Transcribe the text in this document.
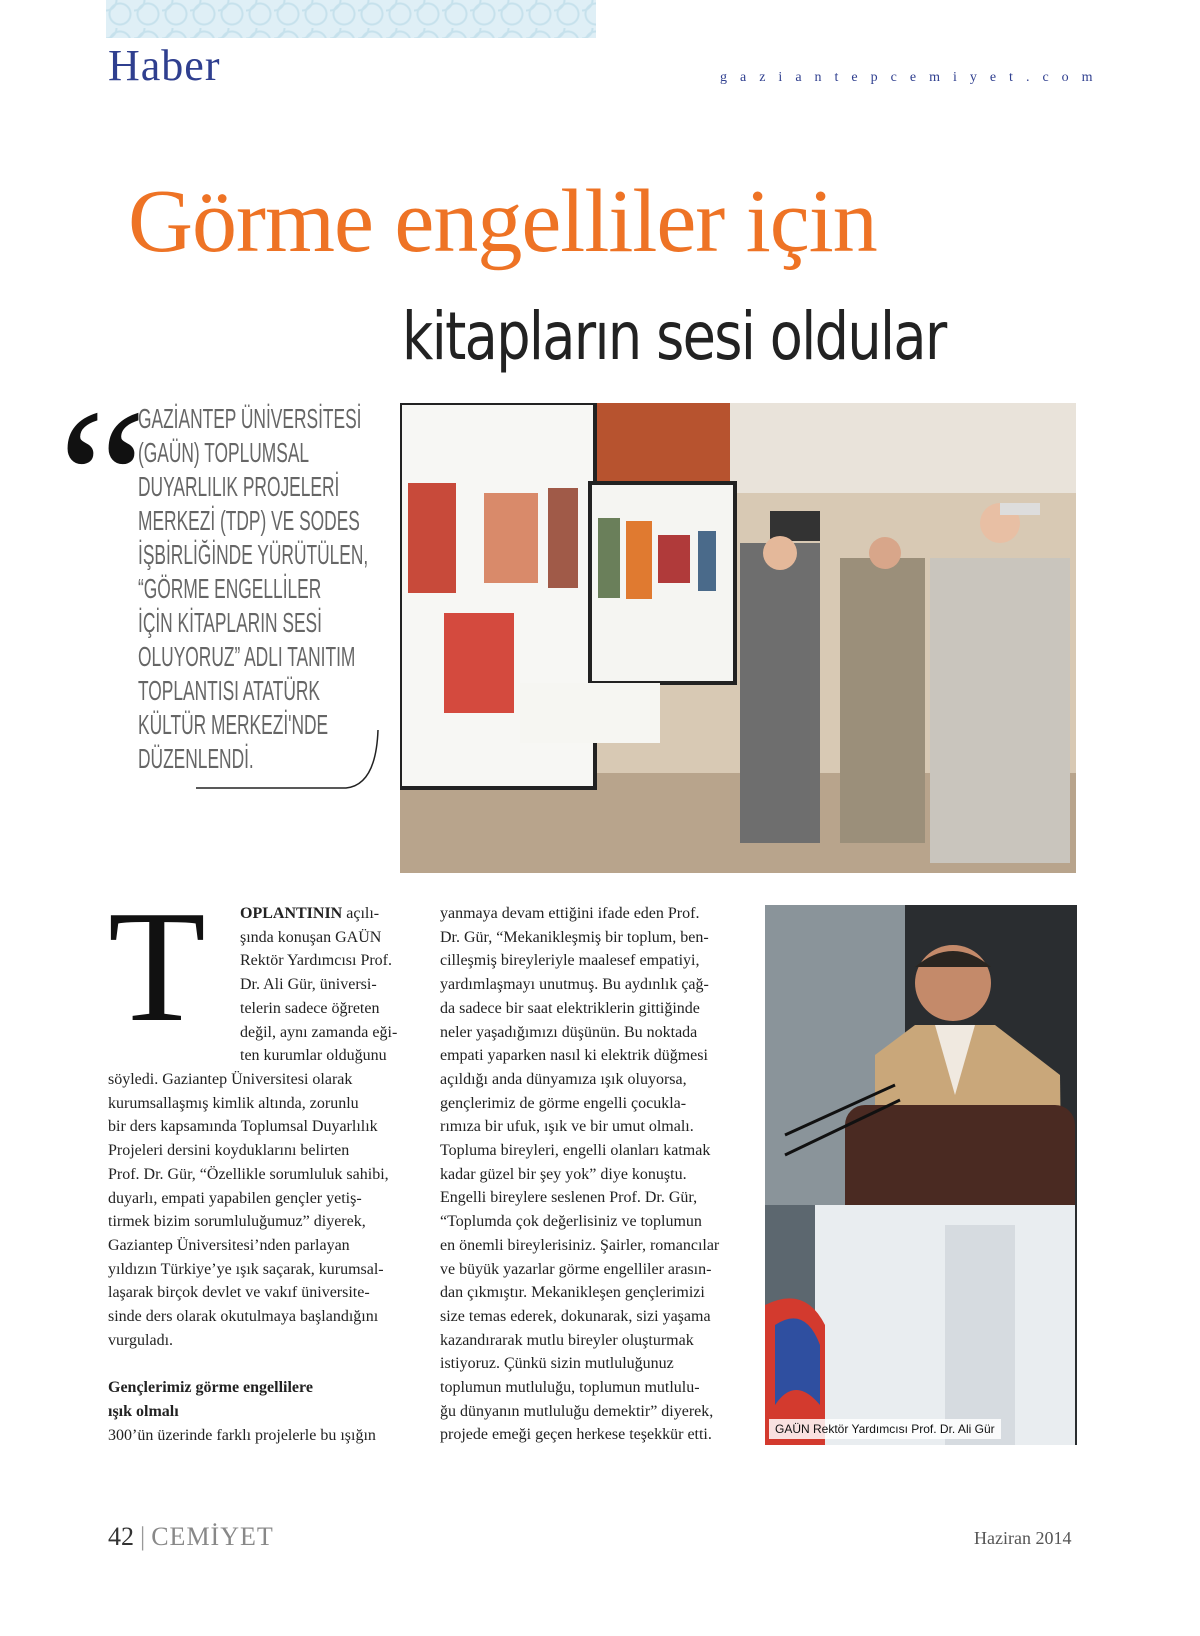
Haber	gaziantepcemiyet.com
Görme engelliler için
kitapların sesi oldular
“
GAZİANTEP ÜNİVERSİTESİ
(GAÜN) TOPLUMSAL
DUYARLILIK PROJELERİ
MERKEZİ (TDP) VE SODES
İŞBİRLİĞİNDE YÜRÜTÜLEN,
“GÖRME ENGELLİLER
İÇİN KİTAPLARIN SESİ
OLUYORUZ” ADLI TANITIM
TOPLANTISI ATATÜRK
KÜLTÜR MERKEZİ'NDE
DÜZENLENDİ.
T OPLANTININ açılı-
şında konuşan GAÜN
Rektör Yardımcısı Prof.
Dr. Ali Gür, üniversi-
telerin sadece öğreten
değil, aynı zamanda eği-
ten kurumlar olduğunu
söyledi. Gaziantep Üniversitesi olarak
kurumsallaşmış kimlik altında, zorunlu
bir ders kapsamında Toplumsal Duyarlılık
Projeleri dersini koyduklarını belirten
Prof. Dr. Gür, “Özellikle sorumluluk sahibi,
duyarlı, empati yapabilen gençler yetiş-
tirmek bizim sorumluluğumuz” diyerek,
Gaziantep Üniversitesi’nden parlayan
yıldızın Türkiye’ye ışık saçarak, kurumsal-
laşarak birçok devlet ve vakıf üniversite-
sinde ders olarak okutulmaya başlandığını
vurguladı.

Gençlerimiz görme engellilere
ışık olmalı
300’ün üzerinde farklı projelerle bu ışığın
yanmaya devam ettiğini ifade eden Prof.
Dr. Gür, “Mekanikleşmiş bir toplum, ben-
cilleşmiş bireyleriyle maalesef empatiyi,
yardımlaşmayı unutmuş. Bu aydınlık çağ-
da sadece bir saat elektriklerin gittiğinde
neler yaşadığımızı düşünün. Bu noktada
empati yaparken nasıl ki elektrik düğmesi
açıldığı anda dünyamıza ışık oluyorsa,
gençlerimiz de görme engelli çocukla-
rımıza bir ufuk, ışık ve bir umut olmalı.
Topluma bireyleri, engelli olanları katmak
kadar güzel bir şey yok” diye konuştu.
Engelli bireylere seslenen Prof. Dr. Gür,
“Toplumda çok değerlisiniz ve toplumun
en önemli bireylerisiniz. Şairler, romancılar
ve büyük yazarlar görme engelliler arasın-
dan çıkmıştır. Mekanikleşen gençlerimizi
size temas ederek, dokunarak, sizi yaşama
kazandırarak mutlu bireyler oluşturmak
istiyoruz. Çünkü sizin mutluluğunuz
toplumun mutluluğu, toplumun mutlulu-
ğu dünyanın mutluluğu demektir” diyerek,
projede emeği geçen herkese teşekkür etti.	GAÜN Rektör Yardımcısı Prof. Dr. Ali Gür
42 | CEMİYET	Haziran 2014
